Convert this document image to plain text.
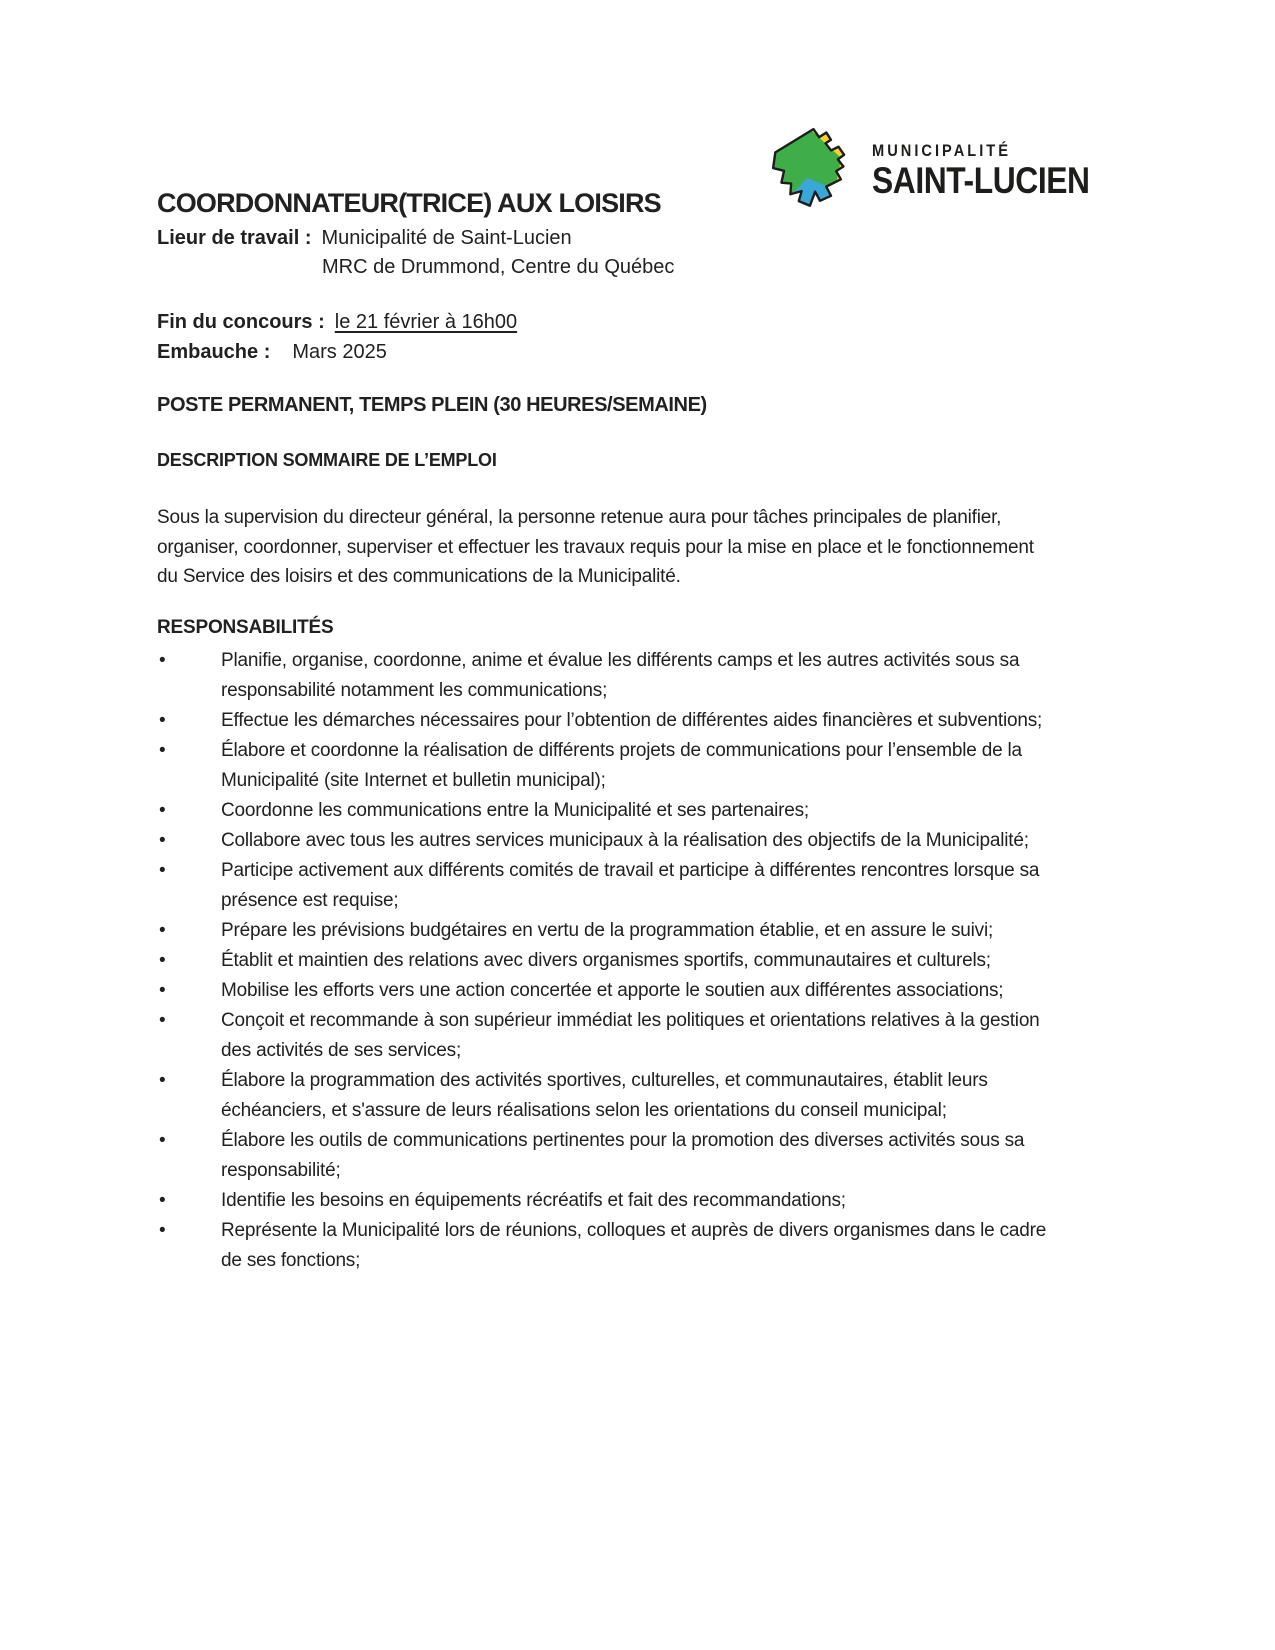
MUNICIPALITÉ
SAINT-LUCIEN
COORDONNATEUR(TRICE) AUX LOISIRS
Lieur de travail : Municipalité de Saint-Lucien
MRC de Drummond, Centre du Québec
Fin du concours : le 21 février à 16h00
Embauche : Mars 2025
POSTE PERMANENT, TEMPS PLEIN (30 HEURES/SEMAINE)
DESCRIPTION SOMMAIRE DE L’EMPLOI
Sous la supervision du directeur général, la personne retenue aura pour tâches principales de planifier, organiser, coordonner, superviser et effectuer les travaux requis pour la mise en place et le fonctionnement du Service des loisirs et des communications de la Municipalité.
RESPONSABILITÉS
•	Planifie, organise, coordonne, anime et évalue les différents camps et les autres activités sous sa responsabilité notamment les communications;
•	Effectue les démarches nécessaires pour l’obtention de différentes aides financières et subventions;
•	Élabore et coordonne la réalisation de différents projets de communications pour l’ensemble de la Municipalité (site Internet et bulletin municipal);
•	Coordonne les communications entre la Municipalité et ses partenaires;
•	Collabore avec tous les autres services municipaux à la réalisation des objectifs de la Municipalité;
•	Participe activement aux différents comités de travail et participe à différentes rencontres lorsque sa présence est requise;
•	Prépare les prévisions budgétaires en vertu de la programmation établie, et en assure le suivi;
•	Établit et maintien des relations avec divers organismes sportifs, communautaires et culturels;
•	Mobilise les efforts vers une action concertée et apporte le soutien aux différentes associations;
•	Conçoit et recommande à son supérieur immédiat les politiques et orientations relatives à la gestion des activités de ses services;
•	Élabore la programmation des activités sportives, culturelles, et communautaires, établit leurs échéanciers, et s'assure de leurs réalisations selon les orientations du conseil municipal;
•	Élabore les outils de communications pertinentes pour la promotion des diverses activités sous sa responsabilité;
•	Identifie les besoins en équipements récréatifs et fait des recommandations;
•	Représente la Municipalité lors de réunions, colloques et auprès de divers organismes dans le cadre de ses fonctions;
